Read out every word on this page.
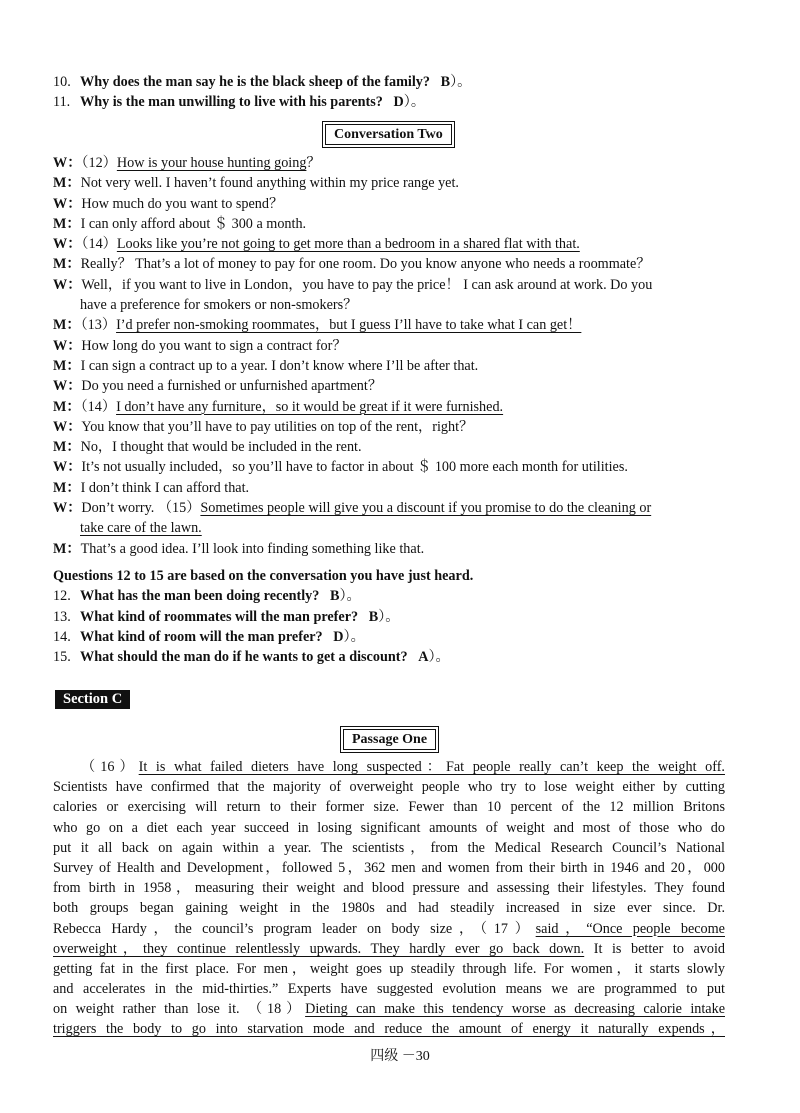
10. Why does the man say he is the black sheep of the family? B）。
11. Why is the man unwilling to live with his parents? D）。
Conversation Two
W：（12）How is your house hunting going？
M：Not very well. I haven’t found anything within my price range yet.
W：How much do you want to spend？
M：I can only afford about ＄ 300 a month.
W：（14）Looks like you’re not going to get more than a bedroom in a shared flat with that.
M：Really？ That’s a lot of money to pay for one room. Do you know anyone who needs a roommate？
W：Well，if you want to live in London，you have to pay the price！ I can ask around at work. Do you
have a preference for smokers or non-smokers？
M：（13）I’d prefer non-smoking roommates，but I guess I’ll have to take what I can get！
W：How long do you want to sign a contract for？
M：I can sign a contract up to a year. I don’t know where I’ll be after that.
W：Do you need a furnished or unfurnished apartment？
M：（14）I don’t have any furniture，so it would be great if it were furnished.
W：You know that you’ll have to pay utilities on top of the rent，right？
M：No，I thought that would be included in the rent.
W：It’s not usually included，so you’ll have to factor in about ＄ 100 more each month for utilities.
M：I don’t think I can afford that.
W：Don’t worry. （15）Sometimes people will give you a discount if you promise to do the cleaning or
take care of the lawn.
M：That’s a good idea. I’ll look into finding something like that.
Questions 12 to 15 are based on the conversation you have just heard.
12. What has the man been doing recently? B）。
13. What kind of roommates will the man prefer? B）。
14. What kind of room will the man prefer? D）。
15. What should the man do if he wants to get a discount? A）。
Section C
Passage One
（16）It is what failed dieters have long suspected：Fat people really can’t keep the weight off.
Scientists have confirmed that the majority of overweight people who try to lose weight either by cutting
calories or exercising will return to their former size. Fewer than 10 percent of the 12 million Britons
who go on a diet each year succeed in losing significant amounts of weight and most of those who do
put it all back on again within a year. The scientists，from the Medical Research Council’s National
Survey of Health and Development，followed 5，362 men and women from their birth in 1946 and 20，000
from birth in 1958，measuring their weight and blood pressure and assessing their lifestyles. They found
both groups began gaining weight in the 1980s and had steadily increased in size ever since. Dr.
Rebecca Hardy，the council’s program leader on body size，（17）said，“Once people become
overweight，they continue relentlessly upwards. They hardly ever go back down. It is better to avoid
getting fat in the first place. For men，weight goes up steadily through life. For women，it starts slowly
and accelerates in the mid-thirties.” Experts have suggested evolution means we are programmed to put
on weight rather than lose it. （18）Dieting can make this tendency worse as decreasing calorie intake
triggers the body to go into starvation mode and reduce the amount of energy it naturally expends，
四级 －30
